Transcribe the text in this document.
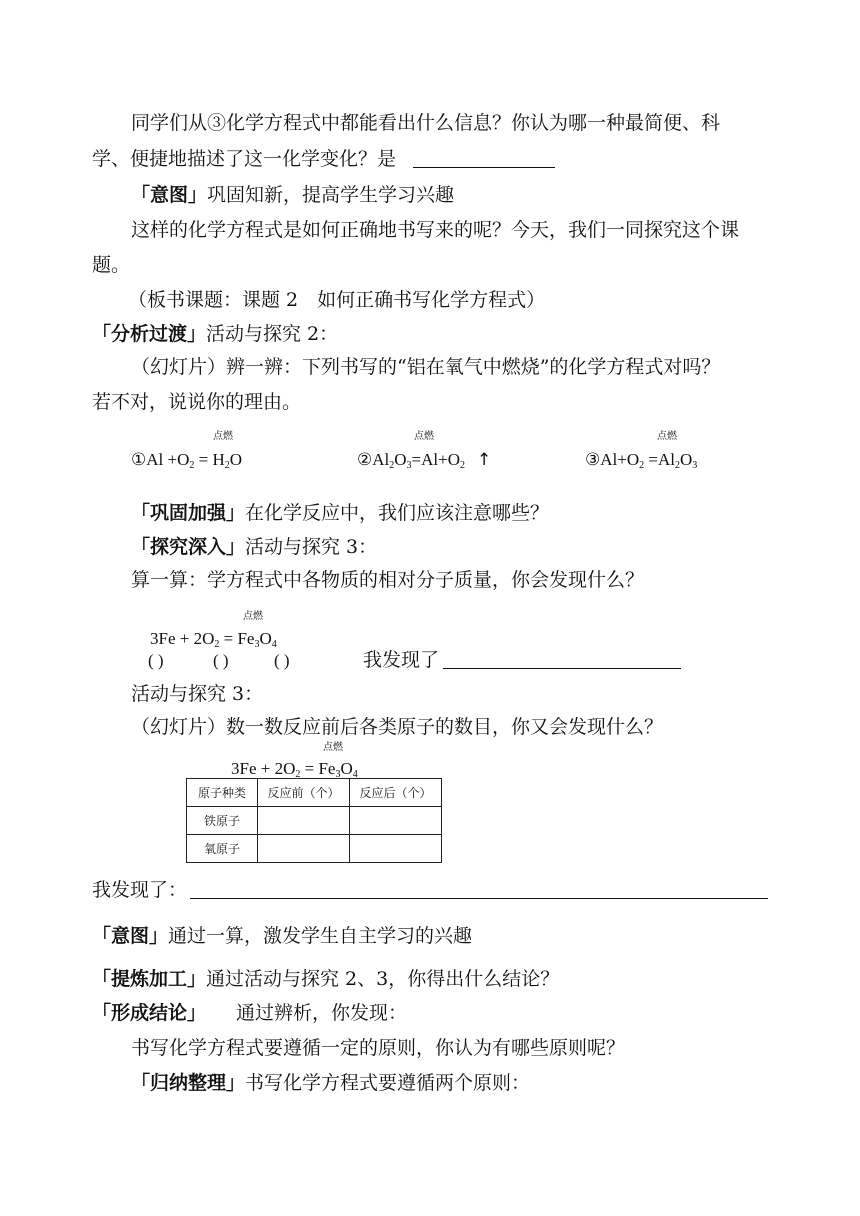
同学们从③化学方程式中都能看出什么信息？你认为哪一种最简便、科
学、便捷地描述了这一化学变化？是
「意图」巩固知新，提高学生学习兴趣
这样的化学方程式是如何正确地书写来的呢？今天，我们一同探究这个课
题。
（板书课题：课题 2　如何正确书写化学方程式）
「分析过渡」活动与探究 2：
（幻灯片）辨一辨：下列书写的“铝在氧气中燃烧”的化学方程式对吗？
若不对，说说你的理由。
点燃
①Al $+O_2 = H_2O$
点燃
$②Al_2O_3=Al+O_2$ ↑
点燃
$③Al+O_2 =Al_2O_3$
「巩固加强」在化学反应中，我们应该注意哪些？
「探究深入」活动与探究 3：
算一算：学方程式中各物质的相对分子质量，你会发现什么？
点燃
$3Fe + 2O_2 = Fe_3O_4$
( )	( )	( )	我发现了
活动与探究 3：
（幻灯片）数一数反应前后各类原子的数目，你又会发现什么？
点燃
$3Fe + 2O_2 = Fe_3O_4$
原子种类	反应前（个）	反应后（个）
铁原子		
氧原子		
我发现了：
「意图」通过一算，激发学生自主学习的兴趣
「提炼加工」通过活动与探究 2、3，你得出什么结论？
「形成结论」 通过辨析，你发现：
书写化学方程式要遵循一定的原则，你认为有哪些原则呢？
「归纳整理」书写化学方程式要遵循两个原则：
